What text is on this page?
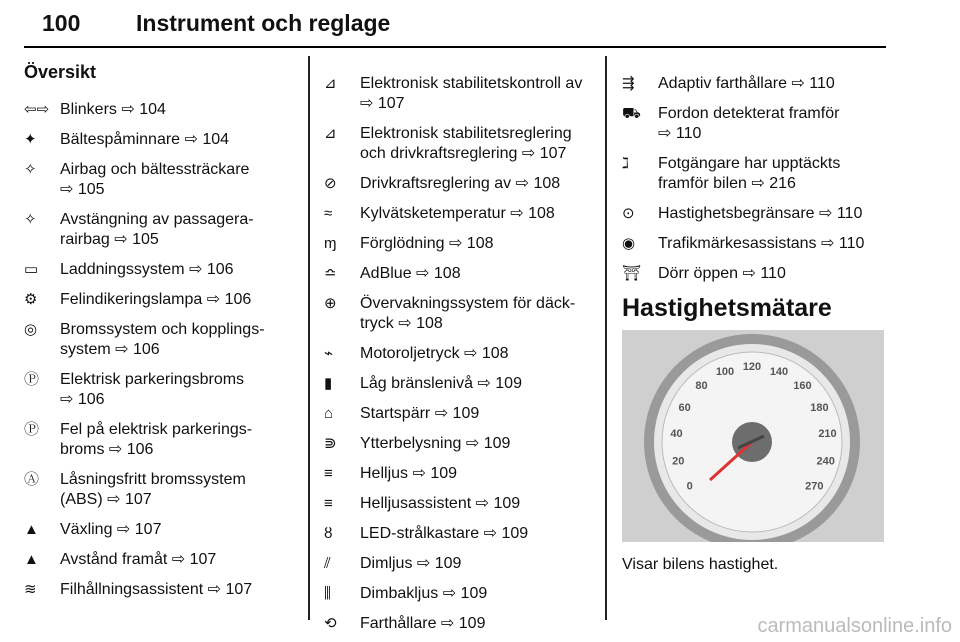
100 Instrument och reglage
Översikt
⇦⇨ Blinkers ⇨ 104
✦	Bältespåminnare ⇨ 104
✧	Airbag och bältessträckare
⇨ 105
✧	Avstängning av passagera-
rairbag ⇨ 105
▭	Laddningssystem ⇨ 106
⚙	Felindikeringslampa ⇨ 106
◎	Bromssystem och kopplings-
system ⇨ 106
Ⓟ	Elektrisk parkeringsbroms
⇨ 106
Ⓟ	Fel på elektrisk parkerings-
broms ⇨ 106
Ⓐ	Låsningsfritt bromssystem
(ABS) ⇨ 107
▲	Växling ⇨ 107
▲	Avstånd framåt ⇨ 107
≋	Filhållningsassistent ⇨ 107
⊿	Elektronisk stabilitetskontroll av
⇨ 107
⊿	Elektronisk stabilitetsreglering
och drivkraftsreglering ⇨ 107
⊘	Drivkraftsreglering av ⇨ 108
≈	Kylvätsketemperatur ⇨ 108
ɱ	Förglödning ⇨ 108
≏	AdBlue ⇨ 108
⊕	Övervakningssystem för däck-
tryck ⇨ 108
⌁	Motoroljetryck ⇨ 108
▮	Låg bränslenivå ⇨ 109
⌂	Startspärr ⇨ 109
⋑	Ytterbelysning ⇨ 109
≡	Helljus ⇨ 109
≡	Helljusassistent ⇨ 109
ȣ	LED-strålkastare ⇨ 109
⫽	Dimljus ⇨ 109
⫼	Dimbakljus ⇨ 109
⟲	Farthållare ⇨ 109
⇶	Adaptiv farthållare ⇨ 110
⛟	Fordon detekterat framför
⇨ 110
ℷ	Fotgängare har upptäckts
framför bilen ⇨ 216
⊙	Hastighetsbegränsare ⇨ 110
◉	Trafikmärkesassistans ⇨ 110
⛩	Dörr öppen ⇨ 110
Hastighetsmätare
0
20
40
60
80
100 120 140
160
180
210
240
270
Visar bilens hastighet.
carmanualsonline.info
